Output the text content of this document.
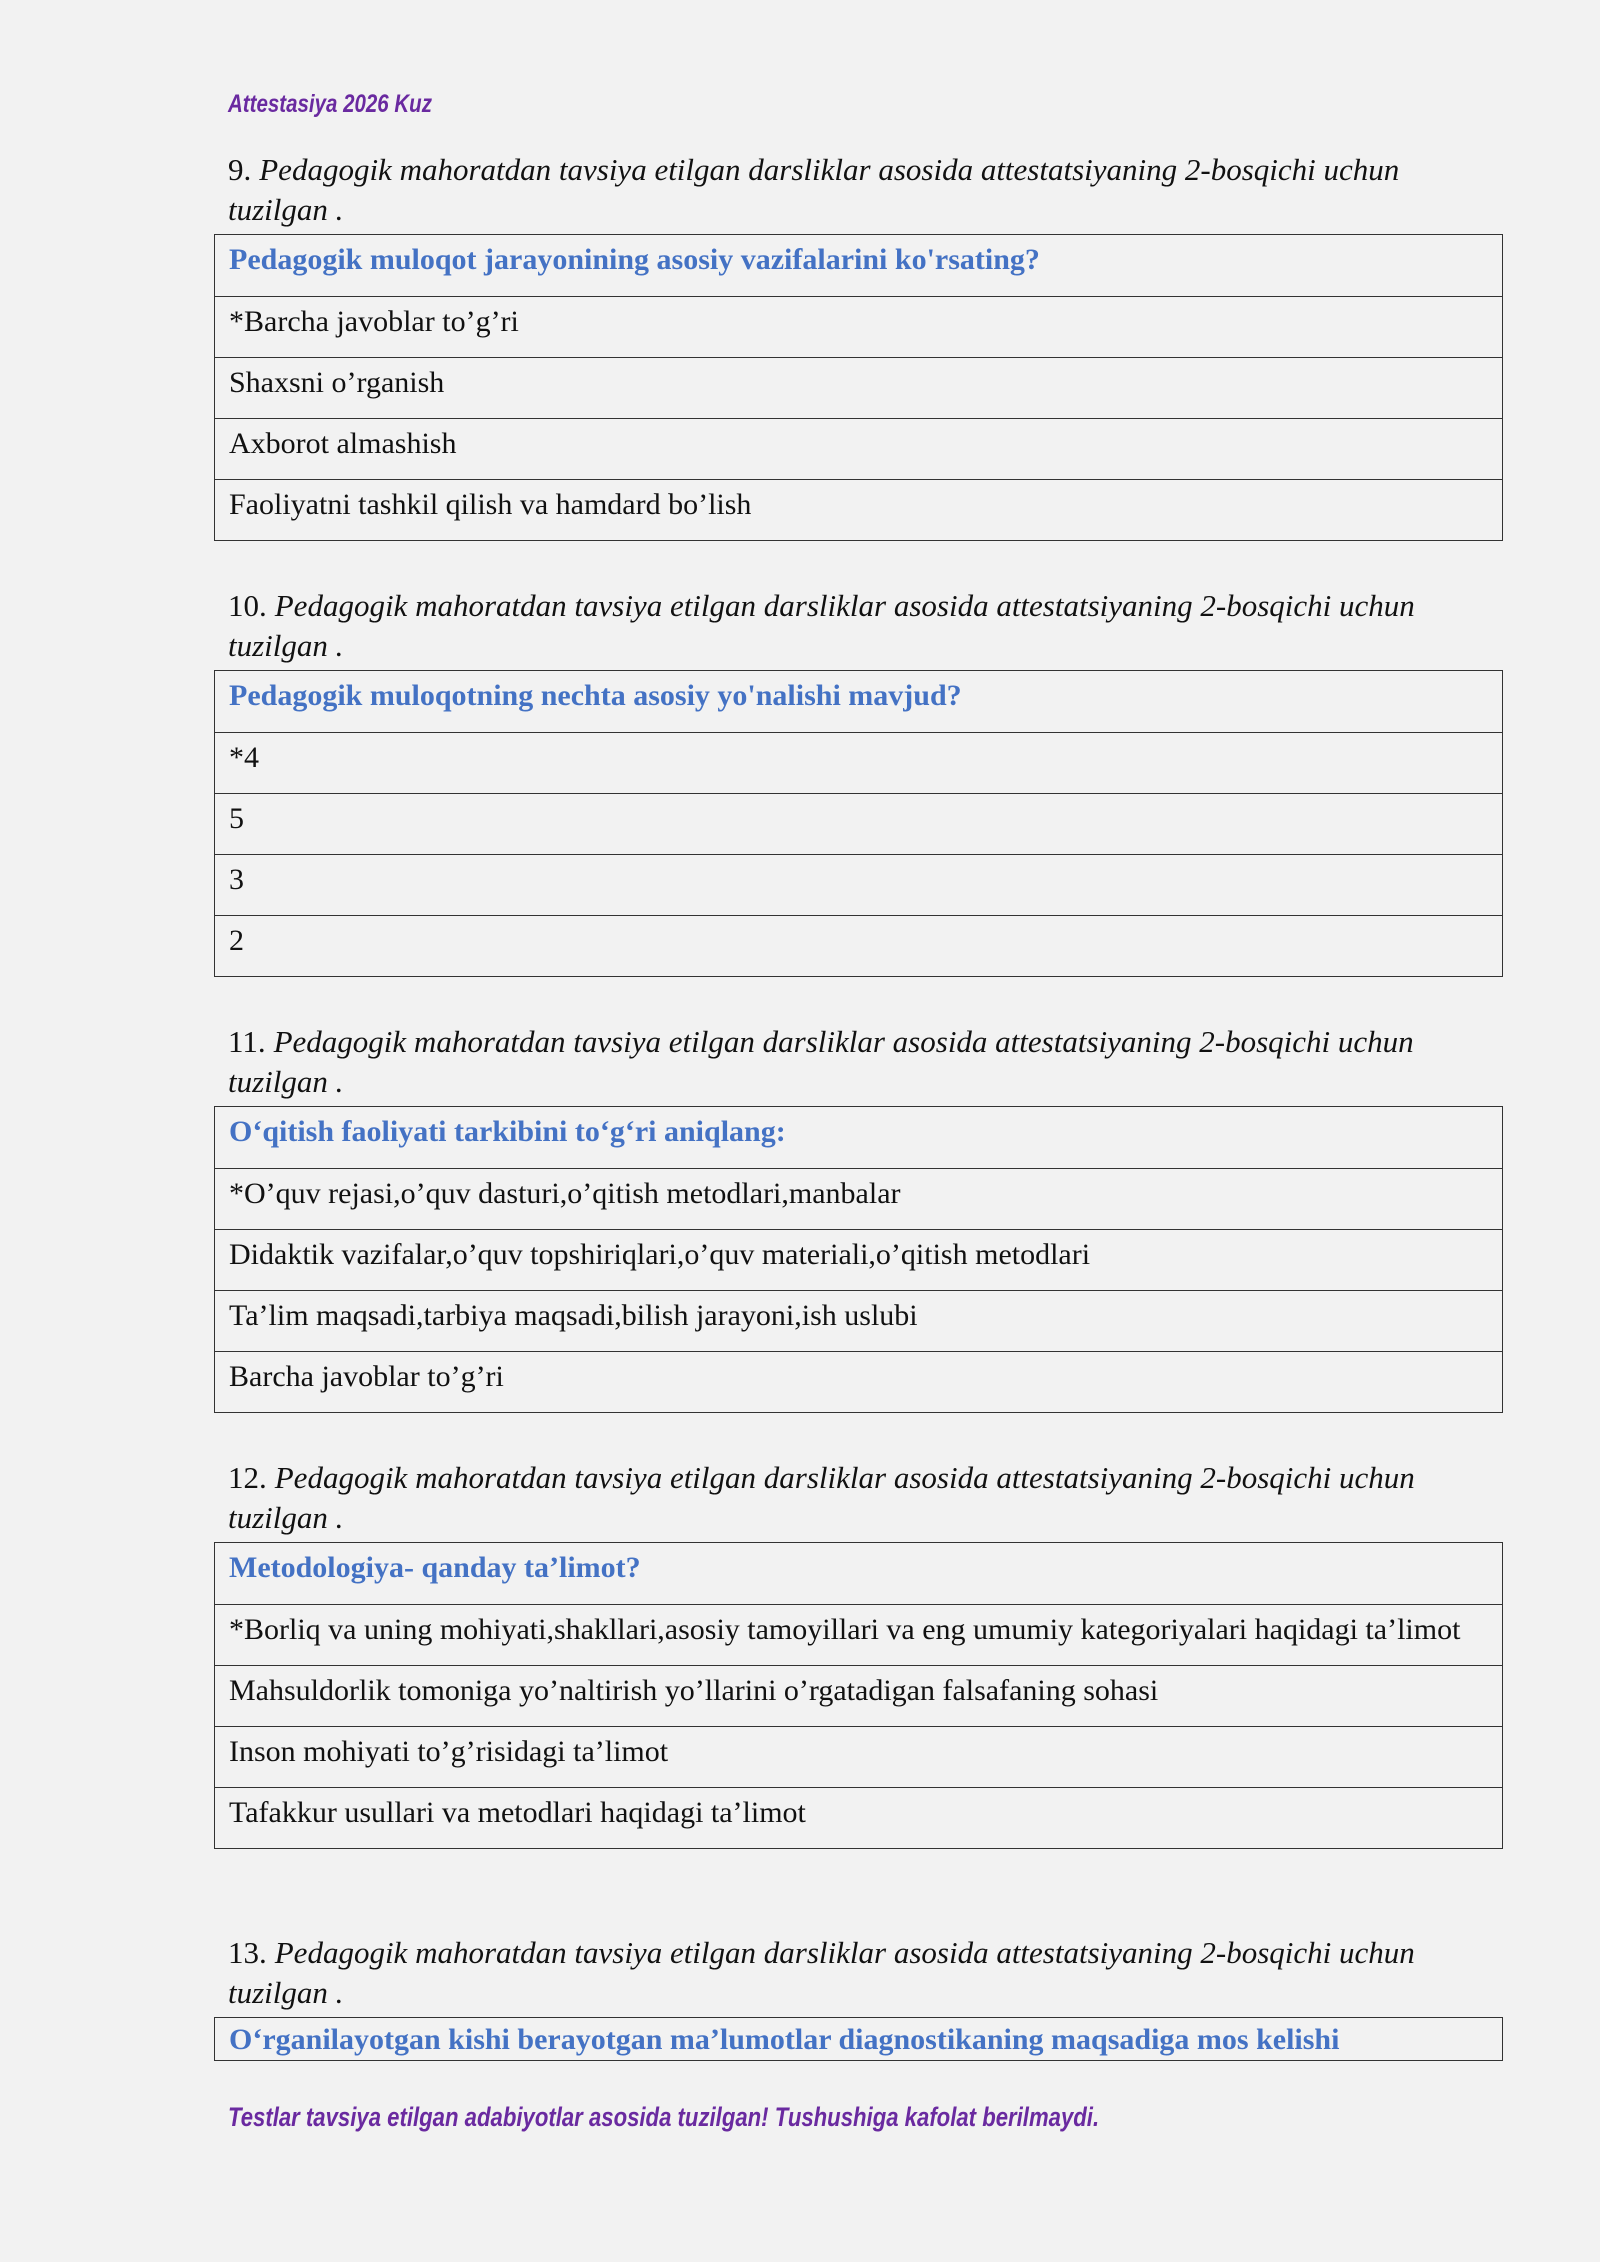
Attestasiya 2026 Kuz
9. Pedagogik mahoratdan tavsiya etilgan darsliklar asosida attestatsiyaning 2-bosqichi uchun tuzilgan .
Pedagogik muloqot jarayonining asosiy vazifalarini ko'rsating?
*Barcha javoblar to’g’ri
Shaxsni o’rganish
Axborot almashish
Faoliyatni tashkil qilish va hamdard bo’lish
10. Pedagogik mahoratdan tavsiya etilgan darsliklar asosida attestatsiyaning 2-bosqichi uchun tuzilgan .
Pedagogik muloqotning nechta asosiy yo'nalishi mavjud?
*4
5
3
2
11. Pedagogik mahoratdan tavsiya etilgan darsliklar asosida attestatsiyaning 2-bosqichi uchun tuzilgan .
O‘qitish faoliyati tarkibini to‘g‘ri aniqlang:
*O’quv rejasi,o’quv dasturi,o’qitish metodlari,manbalar
Didaktik vazifalar,o’quv topshiriqlari,o’quv materiali,o’qitish metodlari
Ta’lim maqsadi,tarbiya maqsadi,bilish jarayoni,ish uslubi
Barcha javoblar to’g’ri
12. Pedagogik mahoratdan tavsiya etilgan darsliklar asosida attestatsiyaning 2-bosqichi uchun tuzilgan .
Metodologiya- qanday ta’limot?
*Borliq va uning mohiyati,shakllari,asosiy tamoyillari va eng umumiy kategoriyalari haqidagi ta’limot
Mahsuldorlik tomoniga yo’naltirish yo’llarini o’rgatadigan falsafaning sohasi
Inson mohiyati to’g’risidagi ta’limot
Tafakkur usullari va metodlari haqidagi ta’limot
13. Pedagogik mahoratdan tavsiya etilgan darsliklar asosida attestatsiyaning 2-bosqichi uchun tuzilgan .
O‘rganilayotgan kishi berayotgan ma’lumotlar diagnostikaning maqsadiga mos kelishi
Testlar tavsiya etilgan adabiyotlar asosida tuzilgan! Tushushiga kafolat berilmaydi.
